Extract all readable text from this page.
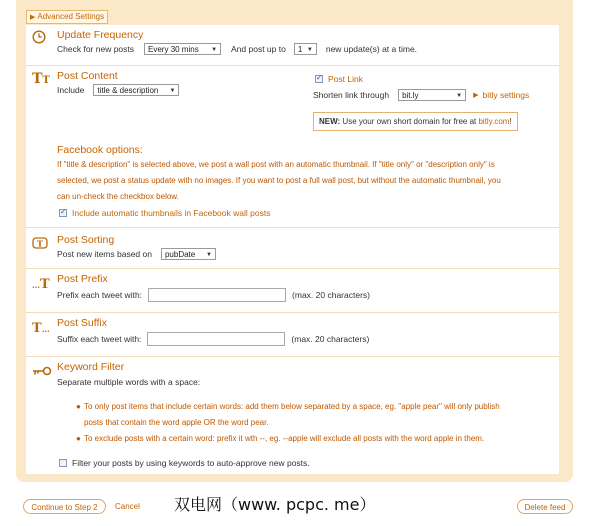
▶ Advanced Settings
Update Frequency
Check for new posts	Every 30 mins ▼ And post up to	1 ▼ new update(s) at a time.
TT Post Content
Include	title & description ▼
✓
Post Link
Shorten link through	bit.ly	▼ ▶ bitly settings
NEW: Use your own short domain for free at bitly.com!
Facebook options:
If "title & description" is selected above, we post a wall post with an automatic thumbnail. If "title only" or "description only" is
selected, we post a status update with no images. If you want to post a full wall post, but without the automatic thumbnail, you
can un-check the checkbox below.
✓
Include automatic thumbnails in Facebook wall posts
T Post Sorting
Post new items based on	pubDate ▼
…T Post Prefix
Prefix each tweet with:	(max. 20 characters)
T… Post Suffix
Suffix each tweet with:	(max. 20 characters)
Keyword Filter
Separate multiple words with a space:
● To only post items that include certain words: add them below separated by a space, eg. "apple pear" will only publish
posts that contain the word apple OR the word pear.
● To exclude posts with a certain word: prefix it wth --, eg. --apple will exclude all posts with the word apple in them.
Filter your posts by using keywords to auto-approve new posts.
Continue to Step 2	Cancel 双电网（www. pcpc. me）	Delete feed
